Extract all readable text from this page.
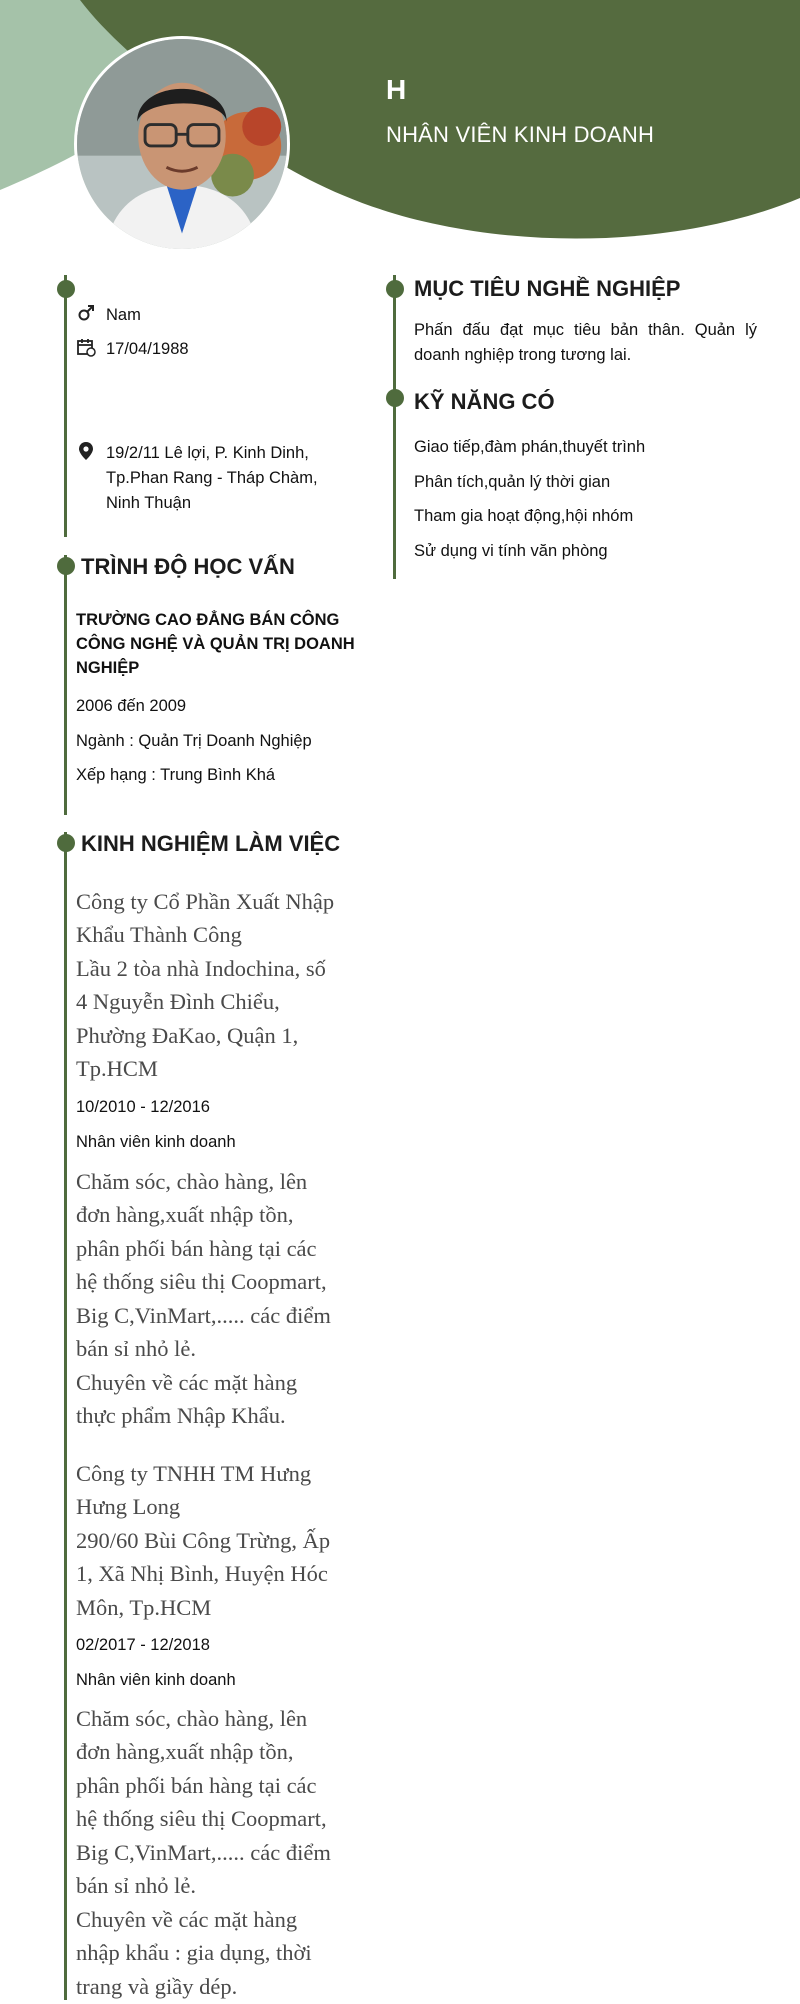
H
NHÂN VIÊN KINH DOANH
Nam
17/04/1988
19/2/11 Lê lợi, P. Kinh Dinh,
Tp.Phan Rang - Tháp Chàm,
Ninh Thuận
TRÌNH ĐỘ HỌC VẤN
TRƯỜNG CAO ĐẲNG BÁN CÔNG
CÔNG NGHỆ VÀ QUẢN TRỊ DOANH
NGHIỆP
2006 đến 2009
Ngành : Quản Trị Doanh Nghiệp
Xếp hạng : Trung Bình Khá
KINH NGHIỆM LÀM VIỆC
Công ty Cổ Phần Xuất Nhập
Khẩu Thành Công
Lầu 2 tòa nhà Indochina, số
4 Nguyễn Đình Chiểu,
Phường ĐaKao, Quận 1,
Tp.HCM
10/2010 - 12/2016
Nhân viên kinh doanh
Chăm sóc, chào hàng, lên
đơn hàng,xuất nhập tồn,
phân phối bán hàng tại các
hệ thống siêu thị Coopmart,
Big C,VinMart,..... các điểm
bán sỉ nhỏ lẻ.
Chuyên về các mặt hàng
thực phẩm Nhập Khẩu.
Công ty TNHH TM Hưng
Hưng Long
290/60 Bùi Công Trừng, Ấp
1, Xã Nhị Bình, Huyện Hóc
Môn, Tp.HCM
02/2017 - 12/2018
Nhân viên kinh doanh
Chăm sóc, chào hàng, lên
đơn hàng,xuất nhập tồn,
phân phối bán hàng tại các
hệ thống siêu thị Coopmart,
Big C,VinMart,..... các điểm
bán sỉ nhỏ lẻ.
Chuyên về các mặt hàng
nhập khẩu : gia dụng, thời
trang và giầy dép.
MỤC TIÊU NGHỀ NGHIỆP
Phấn đấu đạt mục tiêu bản thân. Quản lý
doanh nghiệp trong tương lai.
KỸ NĂNG CÓ
Giao tiếp,đàm phán,thuyết trình
Phân tích,quản lý thời gian
Tham gia hoạt động,hội nhóm
Sử dụng vi tính văn phòng
